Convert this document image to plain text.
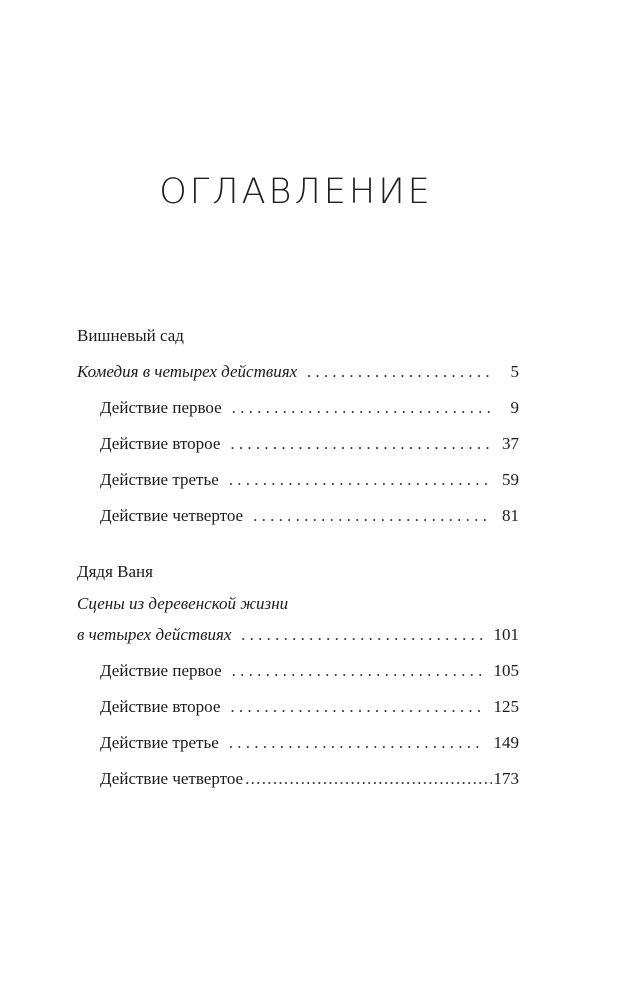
ОГЛАВЛЕНИЕ
Вишневый сад
Комедия в четырех действиях . . .	5
Действие первое . . .	9
Действие второе . . .	37
Действие третье . . .	59
Действие четвертое . . .	81
Дядя Ваня
Сцены из деревенской жизни
в четырех действиях . . .	101
Действие первое . . .	105
Действие второе . . .	125
Действие третье . . .	149
Действие четвертое .....	173
